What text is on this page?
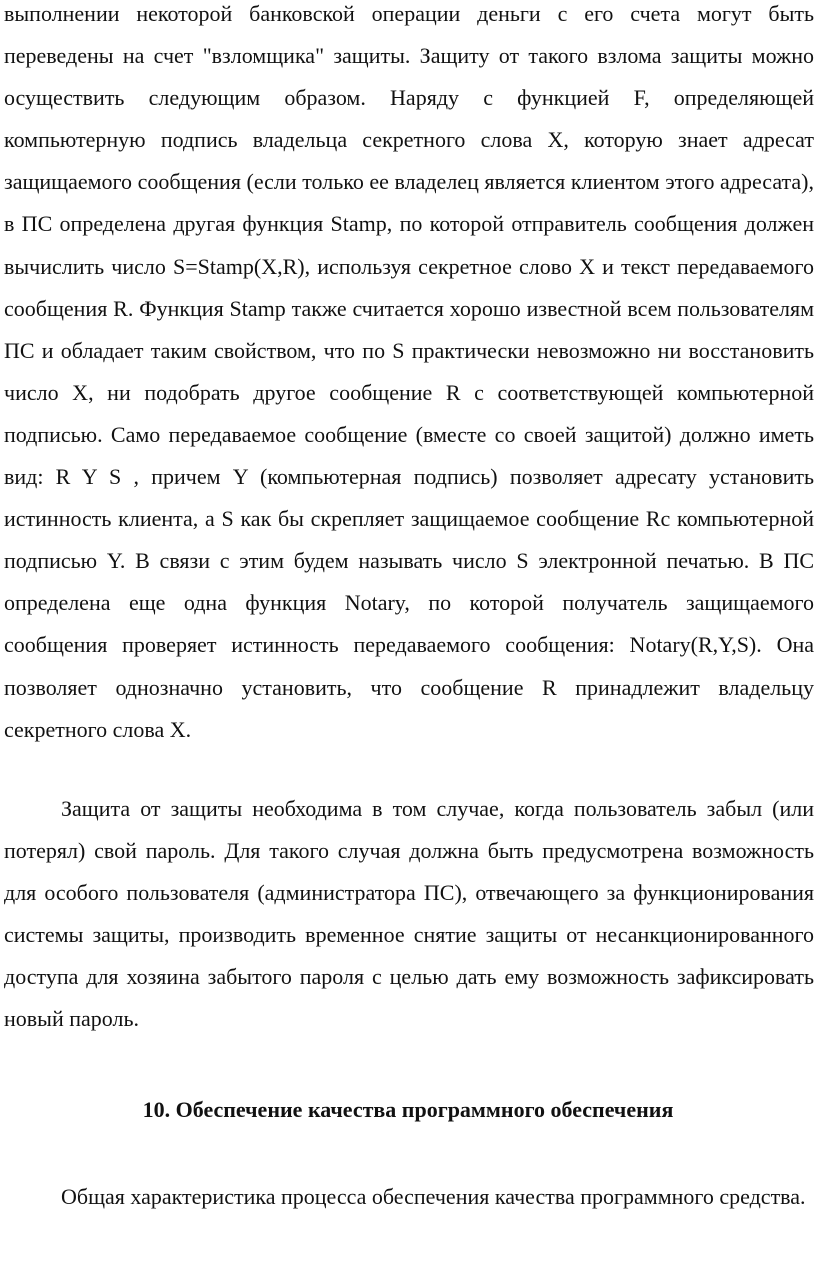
выполнении некоторой банковской операции деньги с его счета могут быть переведены на счет "взломщика" защиты. Защиту от такого взлома защиты можно осуществить следующим образом. Наряду с функцией F, определяющей компьютерную подпись владельца секретного слова X, которую знает адресат защищаемого сообщения (если только ее владелец является клиентом этого адресата), в ПС определена другая функция Stamp, по которой отправитель сообщения должен вычислить число S=Stamp(X,R), используя секретное слово X и текст передаваемого сообщения R. Функция Stamp также считается хорошо известной всем пользователям ПС и обладает таким свойством, что по S практически невозможно ни восстановить число X, ни подобрать другое сообщение R с соответствующей компьютерной подписью. Само передаваемое сообщение (вместе со своей защитой) должно иметь вид: R Y S , причем Y (компьютерная подпись) позволяет адресату установить истинность клиента, а S как бы скрепляет защищаемое сообщение Rc компьютерной подписью Y. В связи с этим будем называть число S электронной печатью. В ПС определена еще одна функция Notary, по которой получатель защищаемого сообщения проверяет истинность передаваемого сообщения: Notary(R,Y,S). Она позволяет однозначно установить, что сообщение R принадлежит владельцу секретного слова X.

Защита от защиты необходима в том случае, когда пользователь забыл (или потерял) свой пароль. Для такого случая должна быть предусмотрена возможность для особого пользователя (администратора ПС), отвечающего за функционирования системы защиты, производить временное снятие защиты от несанкционированного доступа для хозяина забытого пароля с целью дать ему возможность зафиксировать новый пароль.

10. Обеспечение качества программного обеспечения

Общая характеристика процесса обеспечения качества программного средства.
